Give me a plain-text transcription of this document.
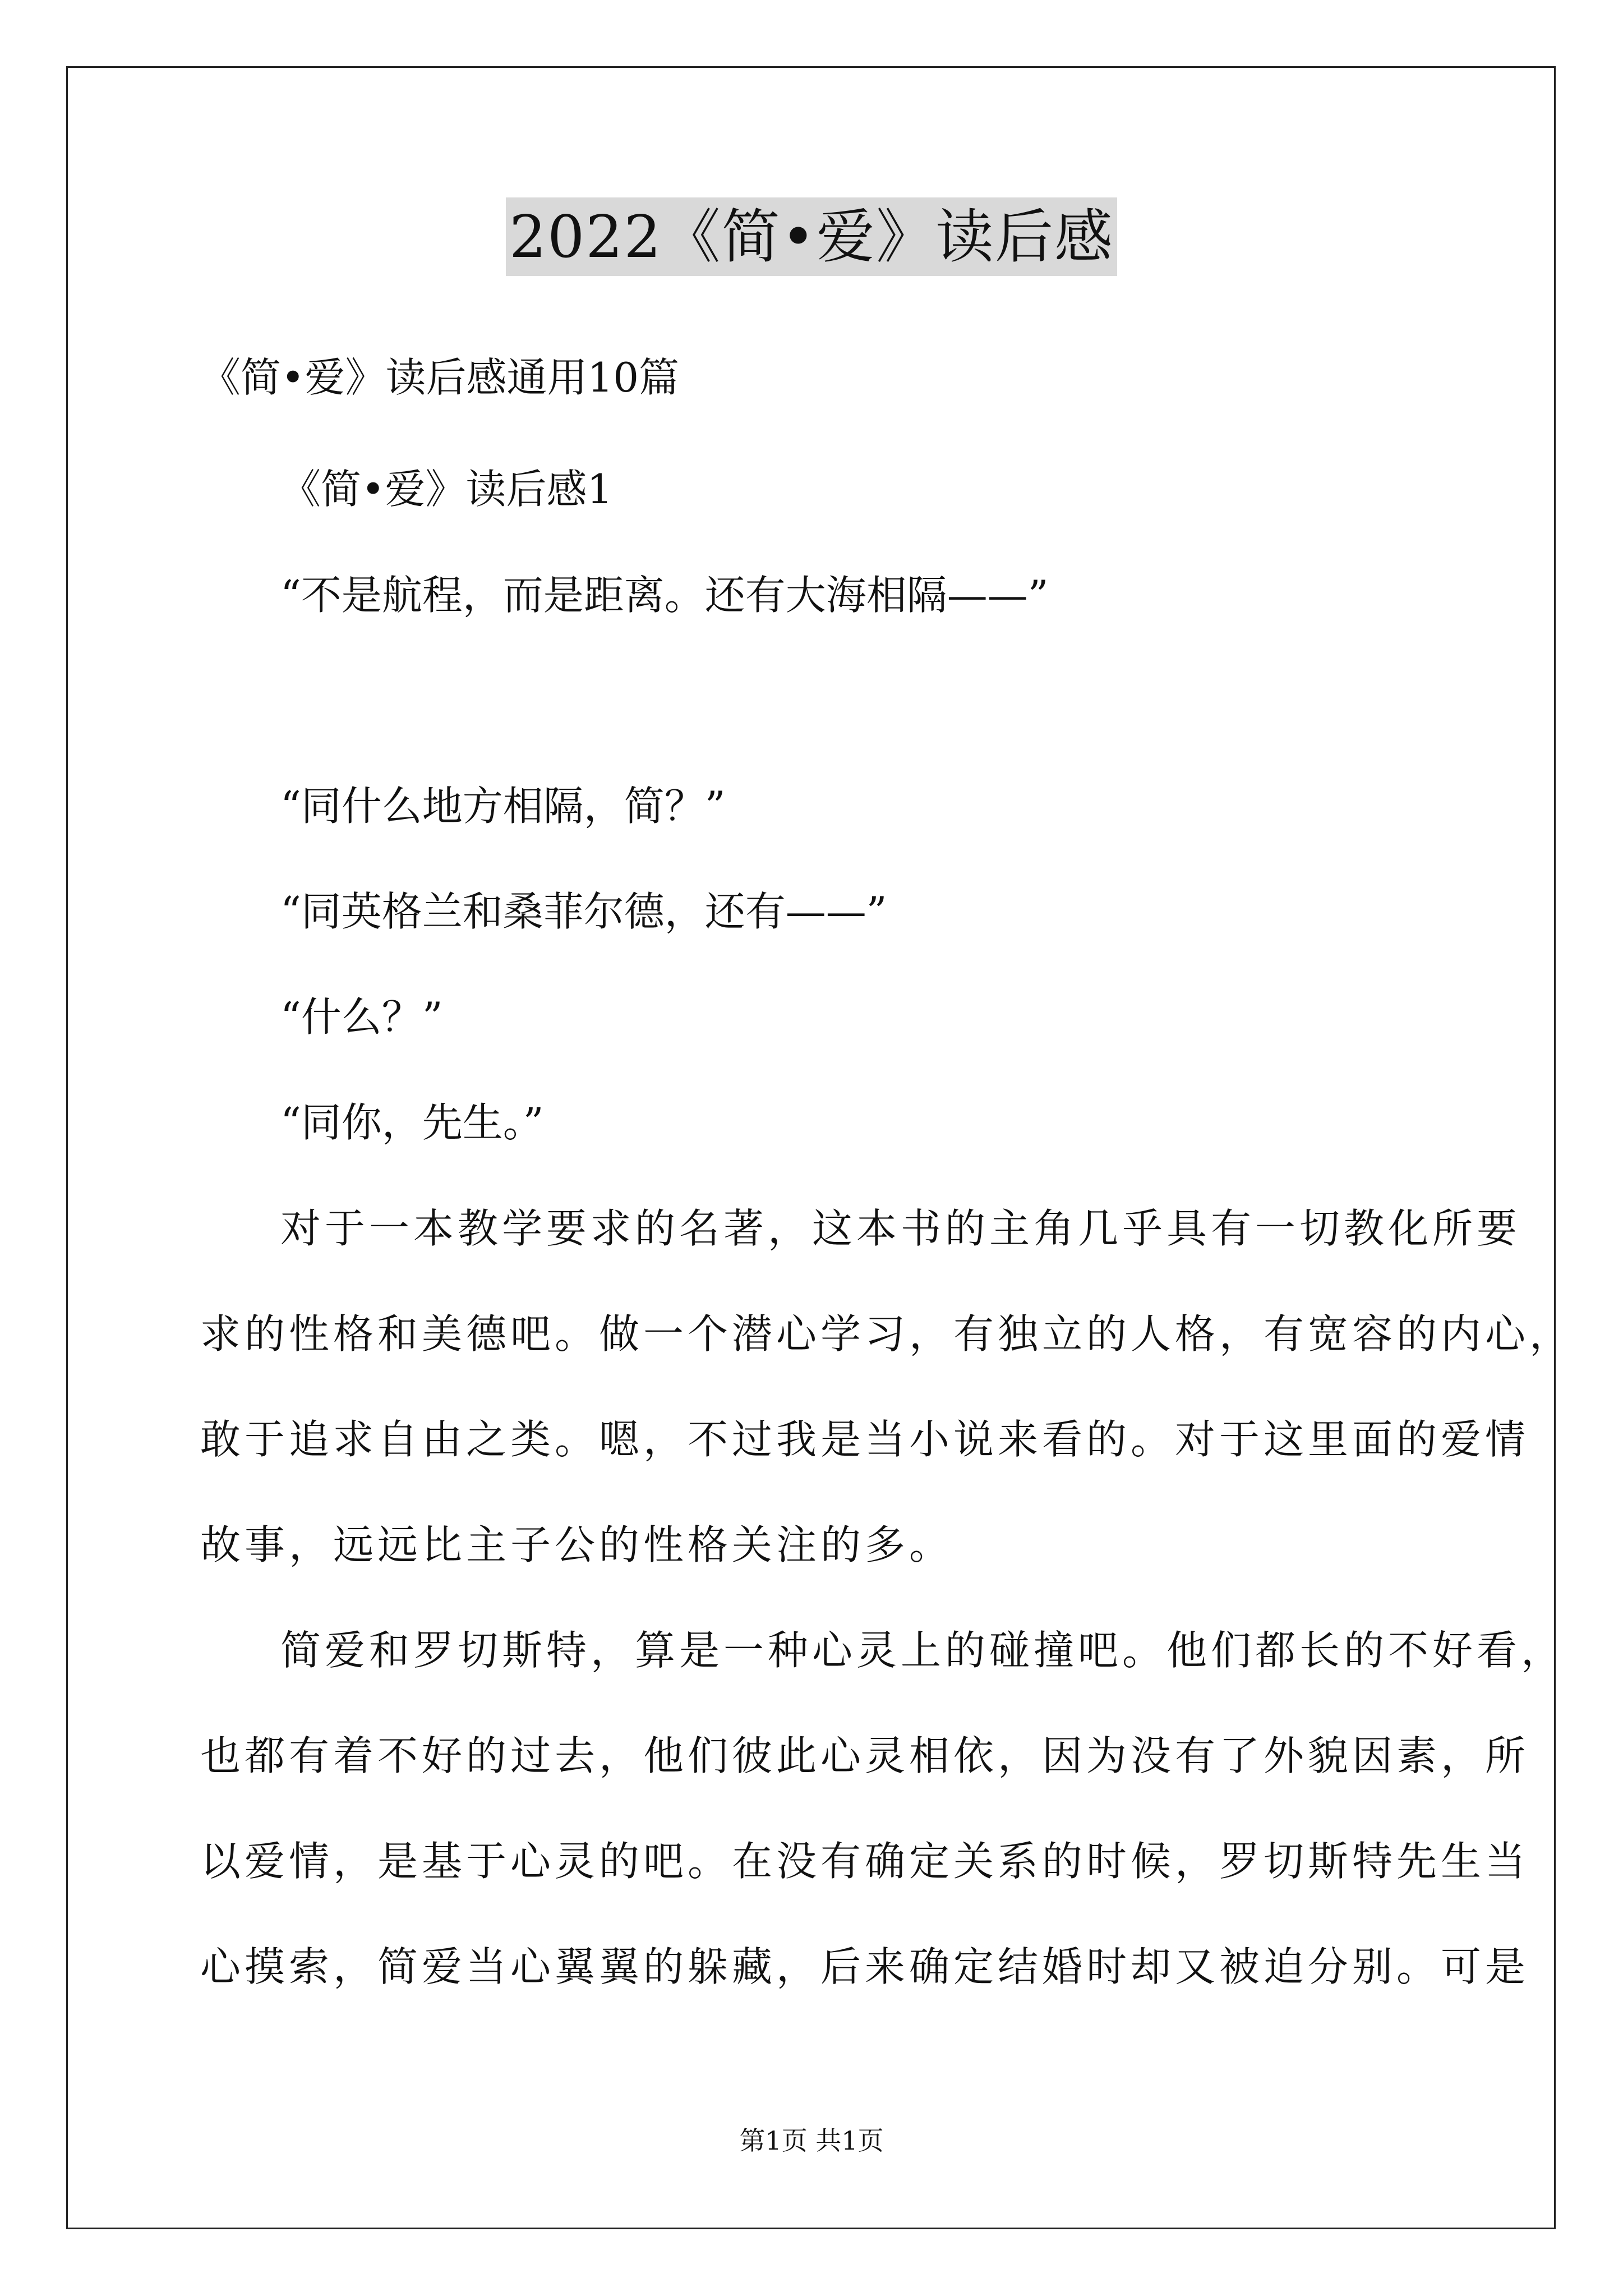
2022《简•爱》读后感
《简•爱》读后感通用10篇
《简•爱》读后感1
“不是航程，而是距离。还有大海相隔——”
“同什么地方相隔，简？”
“同英格兰和桑菲尔德，还有——”
“什么？”
“同你，先生。”
对于一本教学要求的名著，这本书的主角几乎具有一切教化所要
求的性格和美德吧。做一个潜心学习，有独立的人格，有宽容的内心，
敢于追求自由之类。嗯，不过我是当小说来看的。对于这里面的爱情
故事，远远比主子公的性格关注的多。
简爱和罗切斯特，算是一种心灵上的碰撞吧。他们都长的不好看，
也都有着不好的过去，他们彼此心灵相依，因为没有了外貌因素，所
以爱情，是基于心灵的吧。在没有确定关系的时候，罗切斯特先生当
心摸索，简爱当心翼翼的躲藏，后来确定结婚时却又被迫分别。可是
第1页 共1页
